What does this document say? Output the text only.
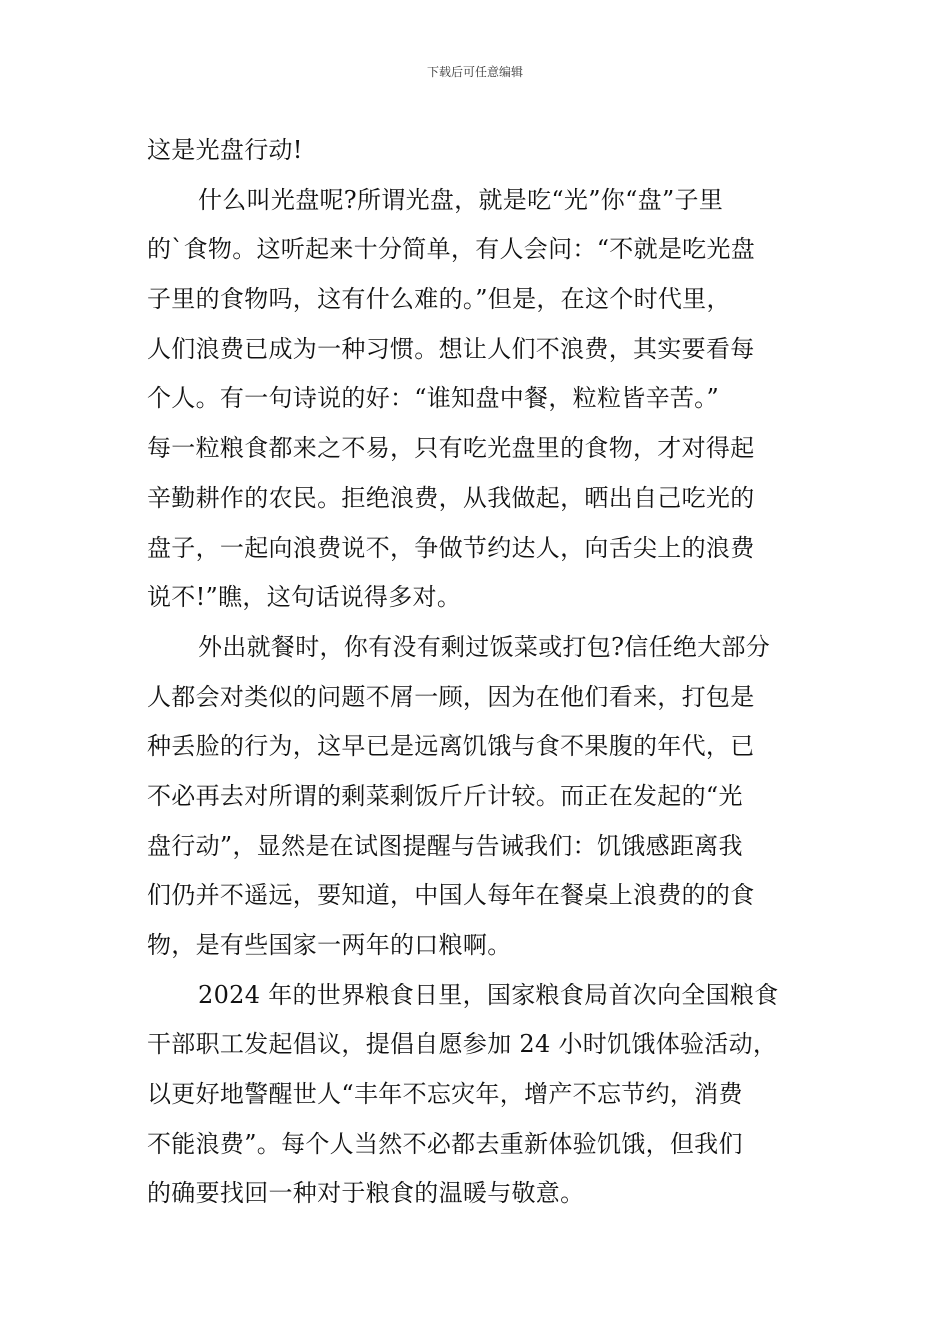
下载后可任意编辑
这是光盘行动!
什么叫光盘呢?所谓光盘，就是吃“光”你“盘”子里
的`食物。这听起来十分简单，有人会问：“不就是吃光盘
子里的食物吗，这有什么难的。”但是，在这个时代里，
人们浪费已成为一种习惯。想让人们不浪费，其实要看每
个人。有一句诗说的好：“谁知盘中餐，粒粒皆辛苦。”
每一粒粮食都来之不易，只有吃光盘里的食物，才对得起
辛勤耕作的农民。拒绝浪费，从我做起，晒出自己吃光的
盘子，一起向浪费说不，争做节约达人，向舌尖上的浪费
说不!”瞧，这句话说得多对。
外出就餐时，你有没有剩过饭菜或打包?信任绝大部分
人都会对类似的问题不屑一顾，因为在他们看来，打包是
种丢脸的行为，这早已是远离饥饿与食不果腹的年代，已
不必再去对所谓的剩菜剩饭斤斤计较。而正在发起的“光
盘行动”，显然是在试图提醒与告诫我们：饥饿感距离我
们仍并不遥远，要知道，中国人每年在餐桌上浪费的的食
物，是有些国家一两年的口粮啊。
2024 年的世界粮食日里，国家粮食局首次向全国粮食
干部职工发起倡议，提倡自愿参加 24 小时饥饿体验活动，
以更好地警醒世人“丰年不忘灾年，增产不忘节约，消费
不能浪费”。每个人当然不必都去重新体验饥饿，但我们
的确要找回一种对于粮食的温暖与敬意。
